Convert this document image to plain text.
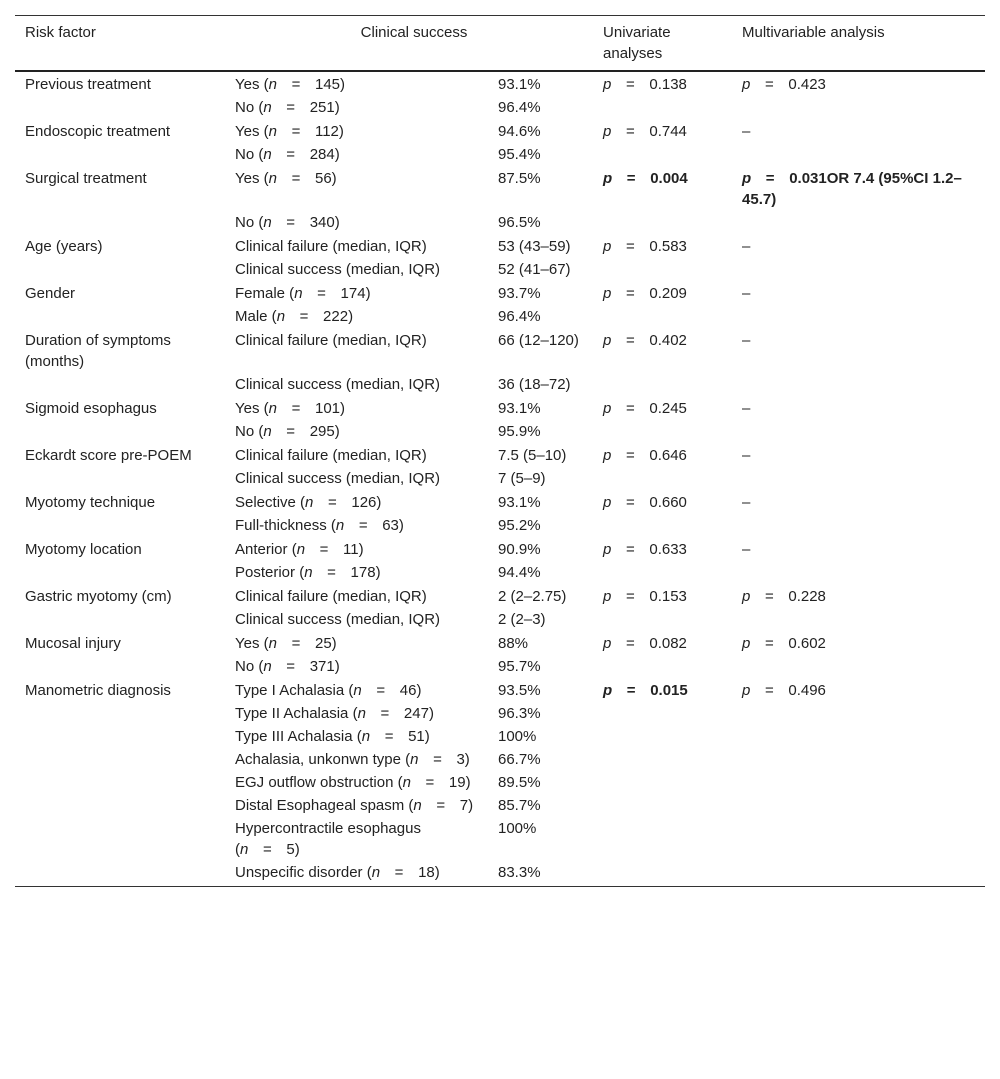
Risk factor	Clinical success		Univariate analyses	Multivariable analysis
Previous treatment	Yes (n = 145)	93.1%	p = 0.138	p = 0.423
	No (n = 251)	96.4%		
Endoscopic treatment	Yes (n = 112)	94.6%	p = 0.744	–
	No (n = 284)	95.4%		
Surgical treatment	Yes (n = 56)	87.5%	p = 0.004	p = 0.031OR 7.4 (95%CI 1.2–45.7)
	No (n = 340)	96.5%		
Age (years)	Clinical failure (median, IQR)	53 (43–59)	p = 0.583	–
	Clinical success (median, IQR)	52 (41–67)		
Gender	Female (n = 174)	93.7%	p = 0.209	–
	Male (n = 222)	96.4%		
Duration of symptoms (months)	Clinical failure (median, IQR)	66 (12–120)	p = 0.402	–
	Clinical success (median, IQR)	36 (18–72)		
Sigmoid esophagus	Yes (n = 101)	93.1%	p = 0.245	–
	No (n = 295)	95.9%		
Eckardt score pre-POEM	Clinical failure (median, IQR)	7.5 (5–10)	p = 0.646	–
	Clinical success (median, IQR)	7 (5–9)		
Myotomy technique	Selective (n = 126)	93.1%	p = 0.660	–
	Full-thickness (n = 63)	95.2%		
Myotomy location	Anterior (n = 11)	90.9%	p = 0.633	–
	Posterior (n = 178)	94.4%		
Gastric myotomy (cm)	Clinical failure (median, IQR)	2 (2–2.75)	p = 0.153	p = 0.228
	Clinical success (median, IQR)	2 (2–3)		
Mucosal injury	Yes (n = 25)	88%	p = 0.082	p = 0.602
	No (n = 371)	95.7%		
Manometric diagnosis	Type I Achalasia (n = 46)	93.5%	p = 0.015	p = 0.496
	Type II Achalasia (n = 247)	96.3%		
	Type III Achalasia (n = 51)	100%		
	Achalasia, unkonwn type (n = 3)	66.7%		
	EGJ outflow obstruction (n = 19)	89.5%		
	Distal Esophageal spasm (n = 7)	85.7%		
	Hypercontractile esophagus (n = 5)	100%		
	Unspecific disorder (n = 18)	83.3%		
